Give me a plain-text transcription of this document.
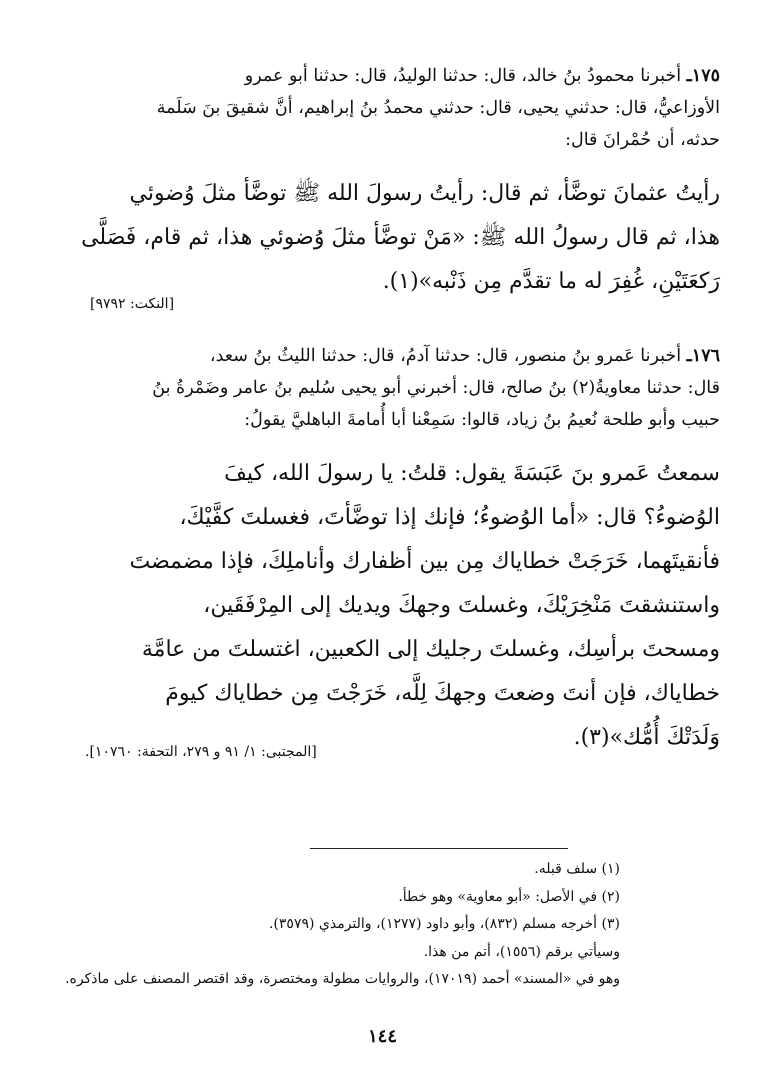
١٧٥ـ أخبرنا محمودُ بنُ خالد، قال: حدثنا الوليدُ، قال: حدثنا أبو عمرو
الأوزاعيُّ، قال: حدثني يحيى، قال: حدثني محمدُ بنُ إبراهيم، أنَّ شقيقَ بنَ سَلَمة
حدثه، أن حُمْرانَ قال:
رأيتُ عثمانَ توضَّأ، ثم قال: رأيتُ رسولَ الله ﷺ توضَّأ مثلَ وُضوئي
هذا، ثم قال رسولُ الله ﷺ: «مَنْ توضَّأ مثلَ وُضوئي هذا، ثم قام، فَصَلَّى
رَكعَتَيْنِ، غُفِرَ له ما تقدَّم مِن ذَنْبه»(١).
[النكت: ٩٧٩٢]
١٧٦ـ أخبرنا عَمرو بنُ منصور، قال: حدثنا آدمُ، قال: حدثنا الليثُ بنُ سعد،
قال: حدثنا معاويةُ(٢) بنُ صالح، قال: أخبرني أبو يحيى سُليم بنُ عامر وضَمْرةُ بنُ
حبيب وأبو طلحة نُعيمُ بنُ زياد، قالوا: سَمِعْنا أبا أُمامةَ الباهليَّ يقولُ:
سمعتُ عَمرو بنَ عَبَسَةَ يقول: قلتُ: يا رسولَ الله، كيفَ
الوُضوءُ؟ قال: «أما الوُضوءُ؛ فإنك إذا توضَّأتَ، فغسلتَ كفَّيْكَ،
فأنقيتَهما، خَرَجَتْ خطاياك مِن بين أظفارك وأناملِكَ، فإذا مضمضتَ
واستنشقتَ مَنْخِرَيْكَ، وغسلتَ وجهكَ ويديك إلى المِرْفَقَين،
ومسحتَ برأسِك، وغسلتَ رجليك إلى الكعبين، اغتسلتَ من عامَّة
خطاياك، فإن أنتَ وضعتَ وجهكَ لِلَّه، خَرَجْتَ مِن خطاياك كيومَ
وَلَدَتْكَ أُمُّك»(٣).
[المجتبى: ١/ ٩١ و ٢٧٩، التحفة: ١٠٧٦٠].
(١) سلف قبله.
(٢) في الأصل: «أبو معاوية» وهو خطأ.
(٣) أخرجه مسلم (٨٣٢)، وأبو داود (١٢٧٧)، والترمذي (٣٥٧٩).
وسيأتي برقم (١٥٥٦)، أتم من هذا.
وهو في «المسند» أحمد (١٧٠١٩)، والروايات مطولة ومختصرة، وقد اقتصر المصنف على ماذكره.
١٤٤
